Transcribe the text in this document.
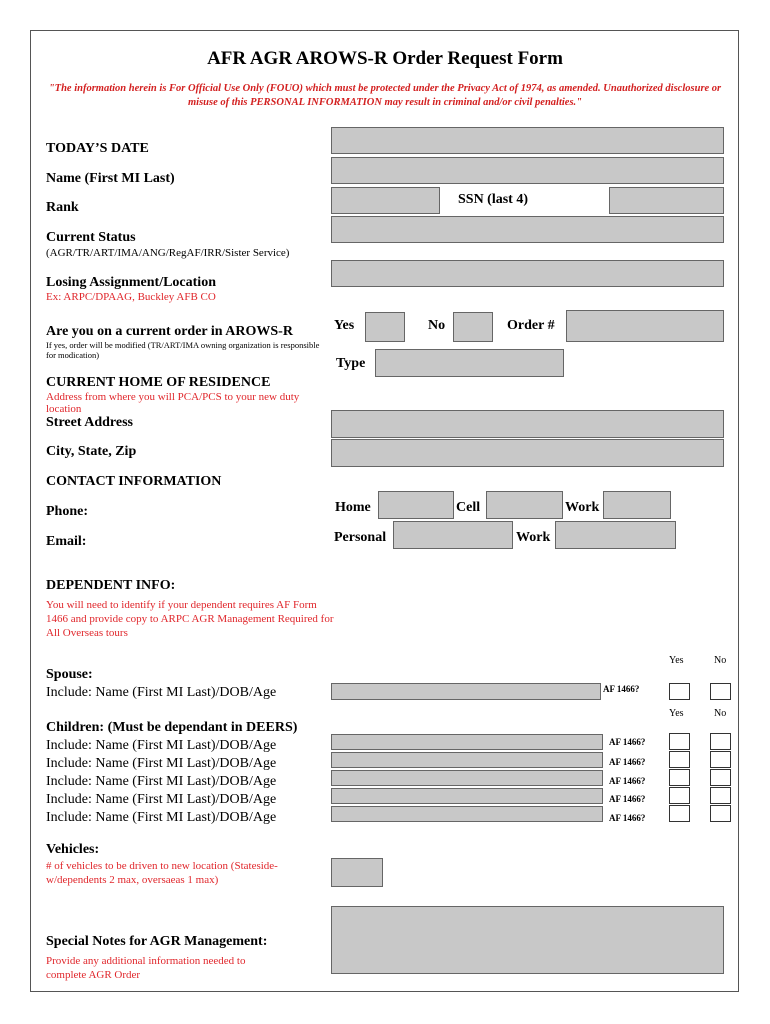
AFR AGR AROWS-R Order Request Form
"The information herein is For Official Use Only (FOUO) which must be protected under the Privacy Act of 1974, as amended. Unauthorized disclosure or misuse of this PERSONAL INFORMATION may result in criminal and/or civil penalties."
TODAY’S DATE
Name (First MI Last)
Rank
SSN (last 4)
Current Status
(AGR/TR/ART/IMA/ANG/RegAF/IRR/Sister Service)
Losing Assignment/Location
Ex: ARPC/DPAAG, Buckley AFB CO
Are you on a current order in AROWS-R
If yes, order will be modified (TR/ART/IMA owning organization is responsible for modication)
Yes	No	Order #
Type
CURRENT HOME OF RESIDENCE
Address from where you will PCA/PCS to your new duty location
Street Address
City, State, Zip
CONTACT INFORMATION
Phone:	Home	Cell	Work
Email:	Personal	Work
DEPENDENT INFO:
You will need to identify if your dependent requires AF Form 1466 and provide copy to ARPC AGR Management Required for All Overseas tours
Yes	No
Spouse:
Include: Name (First MI Last)/DOB/Age	AF 1466?
Yes	No
Children: (Must be dependant in DEERS)
Include: Name (First MI Last)/DOB/Age	AF 1466?
Include: Name (First MI Last)/DOB/Age	AF 1466?
Include: Name (First MI Last)/DOB/Age	AF 1466?
Include: Name (First MI Last)/DOB/Age	AF 1466?
Include: Name (First MI Last)/DOB/Age	AF 1466?
Vehicles:
# of vehicles to be driven to new location (Stateside- w/dependents 2 max, oversaeas 1 max)
Special Notes for AGR Management:
Provide any additional information needed to complete AGR Order
